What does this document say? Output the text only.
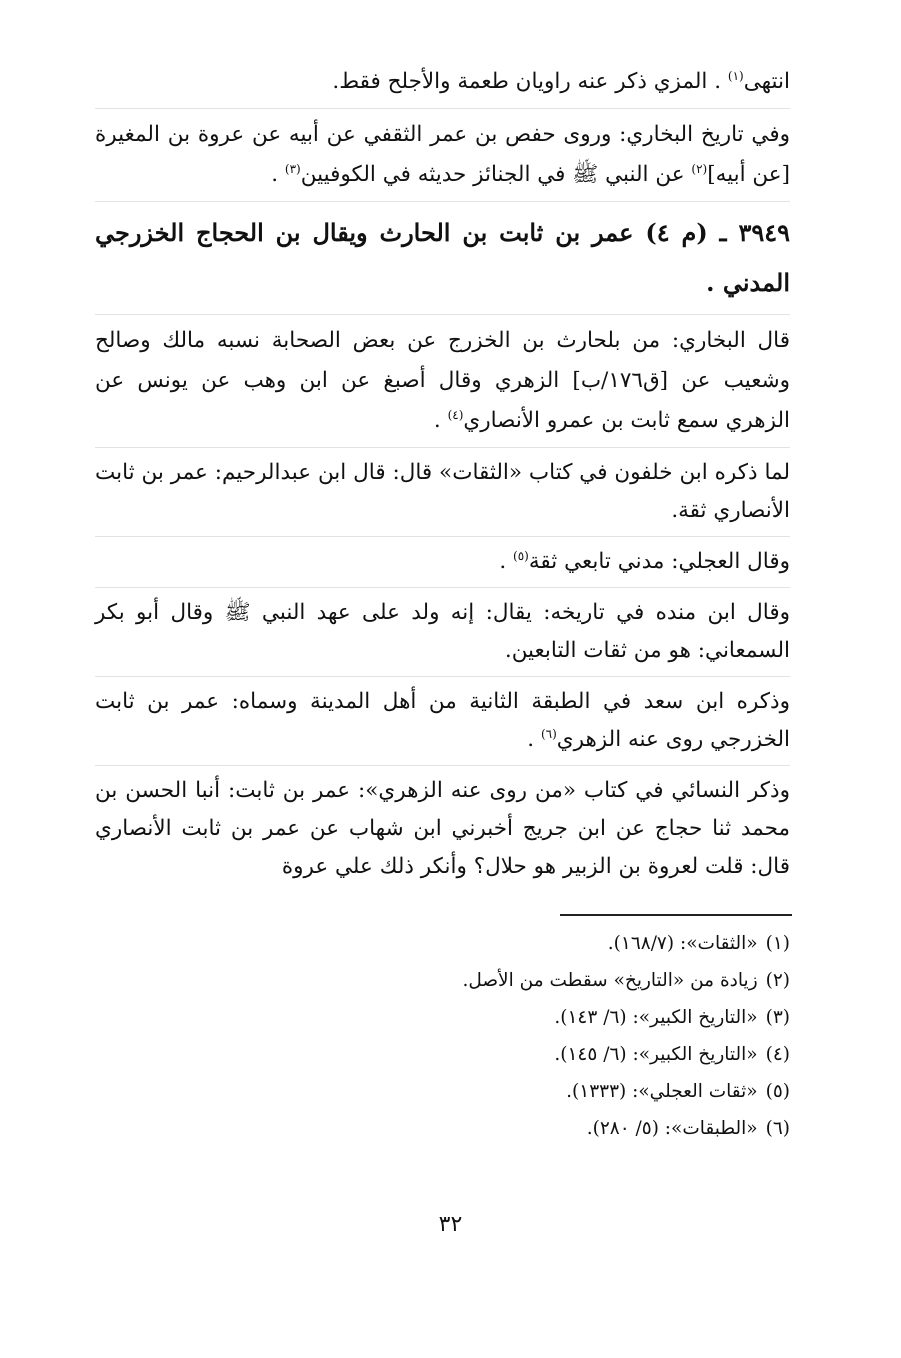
انتهى$^{(١)}$ . المزي ذكر عنه راويان طعمة والأجلح فقط.

وفي تاريخ البخاري: وروى حفص بن عمر الثقفي عن أبيه عن عروة بن المغيرة [عن أبيه]$^{(٢)}$ عن النبي ﷺ في الجنائز حديثه في الكوفيين$^{(٣)}$ .

٣٩٤٩ ـ (م ٤) عمر بن ثابت بن الحارث ويقال بن الحجاج الخزرجي المدني .

قال البخاري: من بلحارث بن الخزرج عن بعض الصحابة نسبه مالك وصالح وشعيب عن [ق١٧٦/ب] الزهري وقال أصبغ عن ابن وهب عن يونس عن الزهري سمع ثابت بن عمرو الأنصاري$^{(٤)}$ .

لما ذكره ابن خلفون في كتاب «الثقات» قال: قال ابن عبدالرحيم: عمر بن ثابت الأنصاري ثقة.

وقال العجلي: مدني تابعي ثقة$^{(٥)}$ .

وقال ابن منده في تاريخه: يقال: إنه ولد على عهد النبي ﷺ وقال أبو بكر السمعاني: هو من ثقات التابعين.

وذكره ابن سعد في الطبقة الثانية من أهل المدينة وسماه: عمر بن ثابت الخزرجي روى عنه الزهري$^{(٦)}$ .

وذكر النسائي في كتاب «من روى عنه الزهري»: عمر بن ثابت: أنبا الحسن بن محمد ثنا حجاج عن ابن جريج أخبرني ابن شهاب عن عمر بن ثابت الأنصاري قال: قلت لعروة بن الزبير هو حلال؟ وأنكر ذلك علي عروة

(١)«الثقات»: (١٦٨/٧).

(٢)زيادة من «التاريخ» سقطت من الأصل.

(٣)«التاريخ الكبير»: (٦/ ١٤٣).

(٤)«التاريخ الكبير»: (٦/ ١٤٥).

(٥)«ثقات العجلي»: (١٣٣٣).

(٦)«الطبقات»: (٥/ ٢٨٠).

٣٢
